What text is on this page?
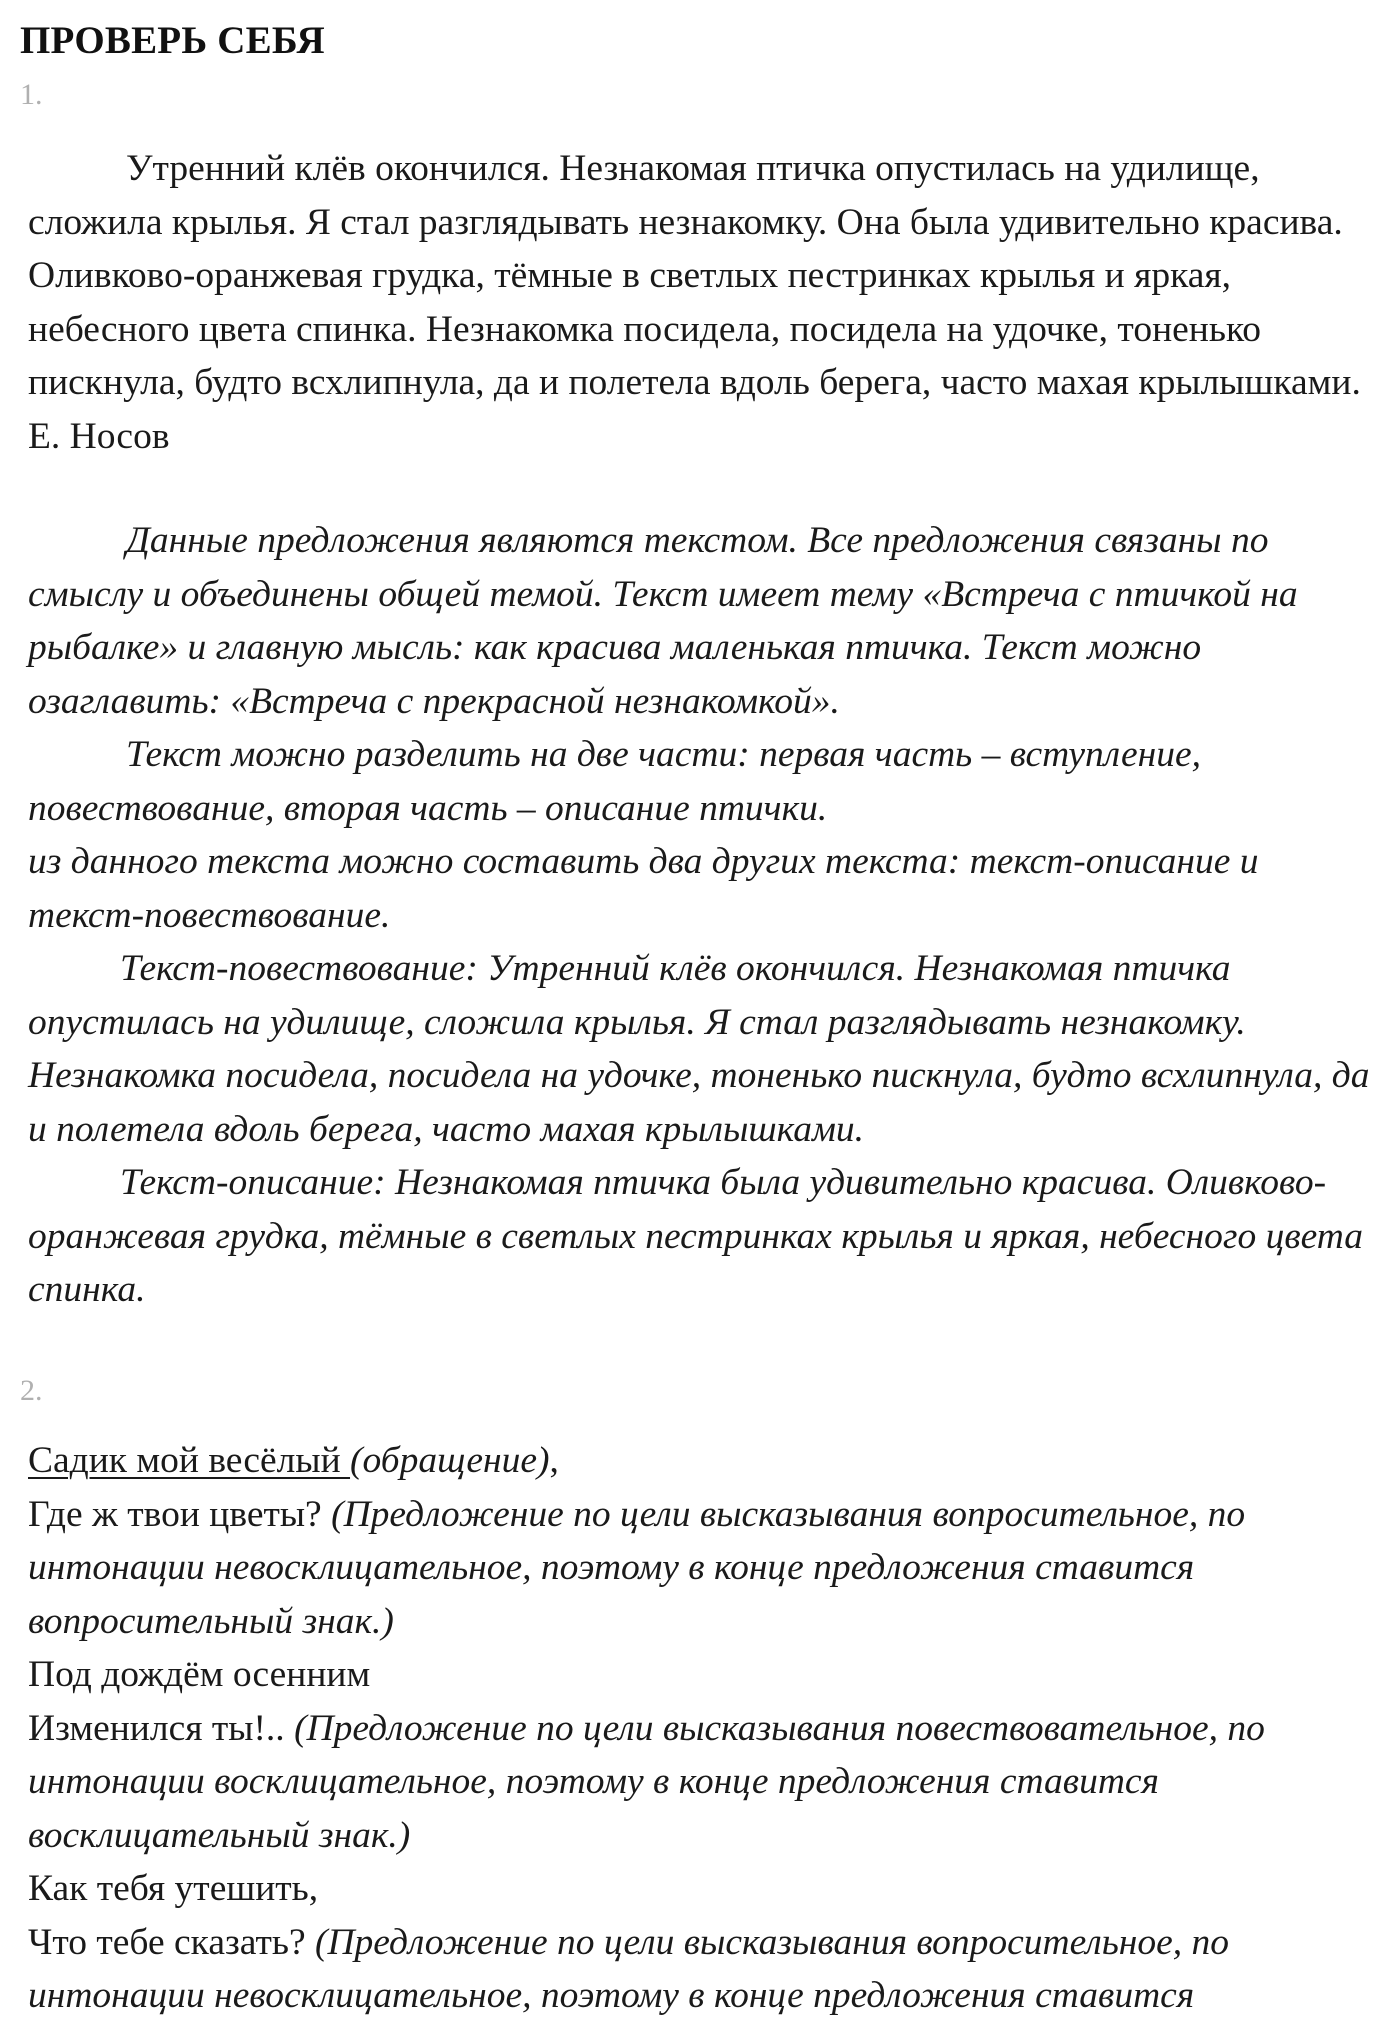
ПРОВЕРЬ СЕБЯ
1.

Утренний клёв окончился. Незнакомая птичка опустилась на удилище, сложила крылья. Я стал разглядывать незнакомку. Она была удивительно красива. Оливково-оранжевая грудка, тёмные в светлых пестринках крылья и яркая, небесного цвета спинка. Незнакомка посидела, посидела на удочке, тоненько пискнула, будто всхлипнула, да и полетела вдоль берега, часто махая крылышками. Е. Носов

Данные предложения являются текстом. Все предложения связаны по смыслу и объединены общей темой. Текст имеет тему «Встреча с птичкой на рыбалке» и главную мысль: как красива маленькая птичка. Текст можно озаглавить: «Встреча с прекрасной незнакомкой».

Текст можно разделить на две части: первая часть – вступление, повествование, вторая часть – описание птички.

из данного текста можно составить два других текста: текст-описание и текст-повествование.

Текст-повествование: Утренний клёв окончился. Незнакомая птичка опустилась на удилище, сложила крылья. Я стал разглядывать незнакомку. Незнакомка посидела, посидела на удочке, тоненько пискнула, будто всхлипнула, да и полетела вдоль берега, часто махая крылышками.

Текст-описание: Незнакомая птичка была удивительно красива. Оливково-оранжевая грудка, тёмные в светлых пестринках крылья и яркая, небесного цвета спинка.

2.

Садик мой весёлый (обращение),

Где ж твои цветы? (Предложение по цели высказывания вопросительное, по интонации невосклицательное, поэтому в конце предложения ставится вопросительный знак.)

Под дождём осенним

Изменился ты!.. (Предложение по цели высказывания повествовательное, по интонации восклицательное, поэтому в конце предложения ставится восклицательный знак.)

Как тебя утешить,

Что тебе сказать? (Предложение по цели высказывания вопросительное, по интонации невосклицательное, поэтому в конце предложения ставится
